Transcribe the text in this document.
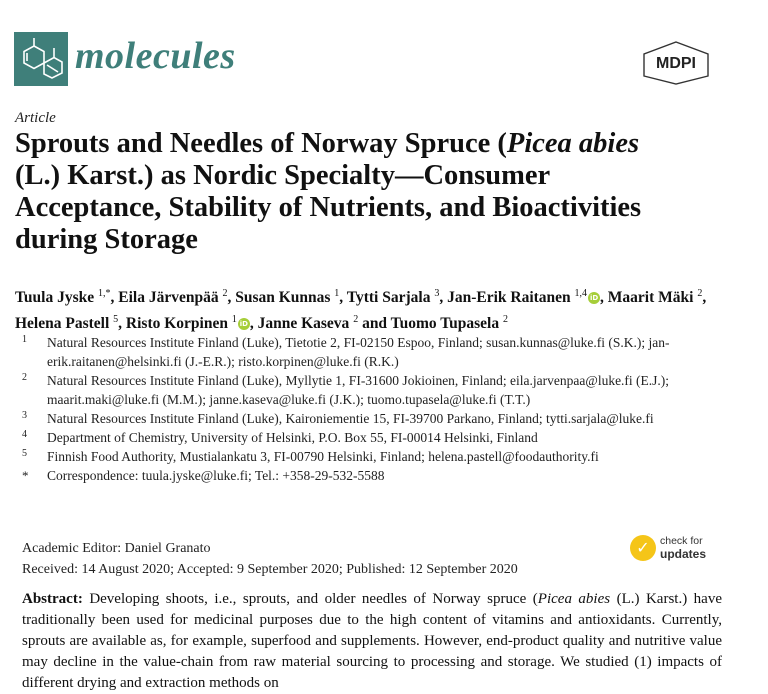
molecules	MDPI
Article
Sprouts and Needles of Norway Spruce (Picea abies (L.) Karst.) as Nordic Specialty—Consumer Acceptance, Stability of Nutrients, and Bioactivities during Storage
Tuula Jyske $^{1,*}$, Eila Järvenpää $^2$, Susan Kunnas $^1$, Tytti Sarjala $^3$, Jan-Erik Raitanen $^{1,4}$ iD , Maarit Mäki $^2$, Helena Pastell $^5$, Risto Korpinen $^1$ iD , Janne Kaseva $^2$ and Tuomo Tupasela $^2$
1 Natural Resources Institute Finland (Luke), Tietotie 2, FI-02150 Espoo, Finland; susan.kunnas@luke.fi (S.K.); jan-erik.raitanen@helsinki.fi (J.-E.R.); risto.korpinen@luke.fi (R.K.)
2 Natural Resources Institute Finland (Luke), Myllytie 1, FI-31600 Jokioinen, Finland; eila.jarvenpaa@luke.fi (E.J.); maarit.maki@luke.fi (M.M.); janne.kaseva@luke.fi (J.K.); tuomo.tupasela@luke.fi (T.T.)
3 Natural Resources Institute Finland (Luke), Kaironiementie 15, FI-39700 Parkano, Finland; tytti.sarjala@luke.fi
4 Department of Chemistry, University of Helsinki, P.O. Box 55, FI-00014 Helsinki, Finland
5 Finnish Food Authority, Mustialankatu 3, FI-00790 Helsinki, Finland; helena.pastell@foodauthority.fi
* Correspondence: tuula.jyske@luke.fi; Tel.: +358-29-532-5588
Academic Editor: Daniel Granato
Received: 14 August 2020; Accepted: 9 September 2020; Published: 12 September 2020
✓ check for
updates
Abstract: Developing shoots, i.e., sprouts, and older needles of Norway spruce (Picea abies (L.) Karst.) have traditionally been used for medicinal purposes due to the high content of vitamins and antioxidants. Currently, sprouts are available as, for example, superfood and supplements. However, end-product quality and nutritive value may decline in the value-chain from raw material sourcing to processing and storage. We studied (1) impacts of different drying and extraction methods on
